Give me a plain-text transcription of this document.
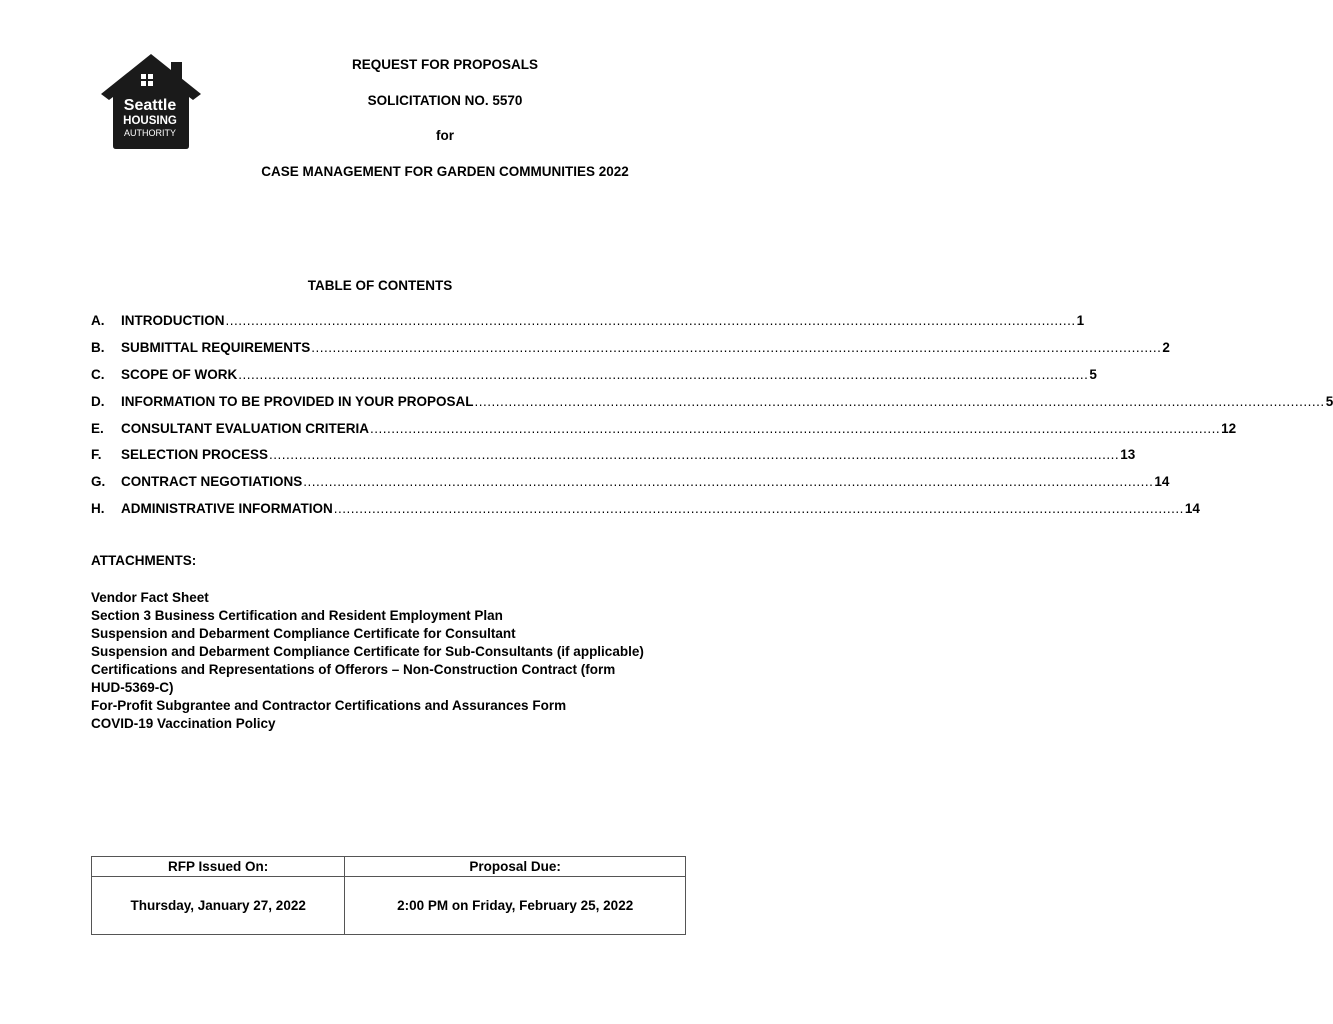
Seattle
HOUSING
AUTHORITY
REQUEST FOR PROPOSALS
SOLICITATION NO. 5570
for
CASE MANAGEMENT FOR GARDEN COMMUNITIES 2022
TABLE OF CONTENTS
A.	INTRODUCTION ........................................................................................................................................................................................................ 1
B.	SUBMITTAL REQUIREMENTS ........................................................................................................................................................................................................ 2
C.	SCOPE OF WORK ........................................................................................................................................................................................................ 5
D.	INFORMATION TO BE PROVIDED IN YOUR PROPOSAL ........................................................................................................................................................................................................ 5
E.	CONSULTANT EVALUATION CRITERIA ........................................................................................................................................................................................................ 12
F.	SELECTION PROCESS ........................................................................................................................................................................................................ 13
G.	CONTRACT NEGOTIATIONS ........................................................................................................................................................................................................ 14
H.	ADMINISTRATIVE INFORMATION ........................................................................................................................................................................................................ 14
ATTACHMENTS:

Vendor Fact Sheet

Section 3 Business Certification and Resident Employment Plan

Suspension and Debarment Compliance Certificate for Consultant

Suspension and Debarment Compliance Certificate for Sub-Consultants (if applicable)

Certifications and Representations of Offerors – Non-Construction Contract (form HUD-5369-C)

For-Profit Subgrantee and Contractor Certifications and Assurances Form

COVID-19 Vaccination Policy

RFP Issued On:	Proposal Due:
Thursday, January 27, 2022	2:00 PM on Friday, February 25, 2022
